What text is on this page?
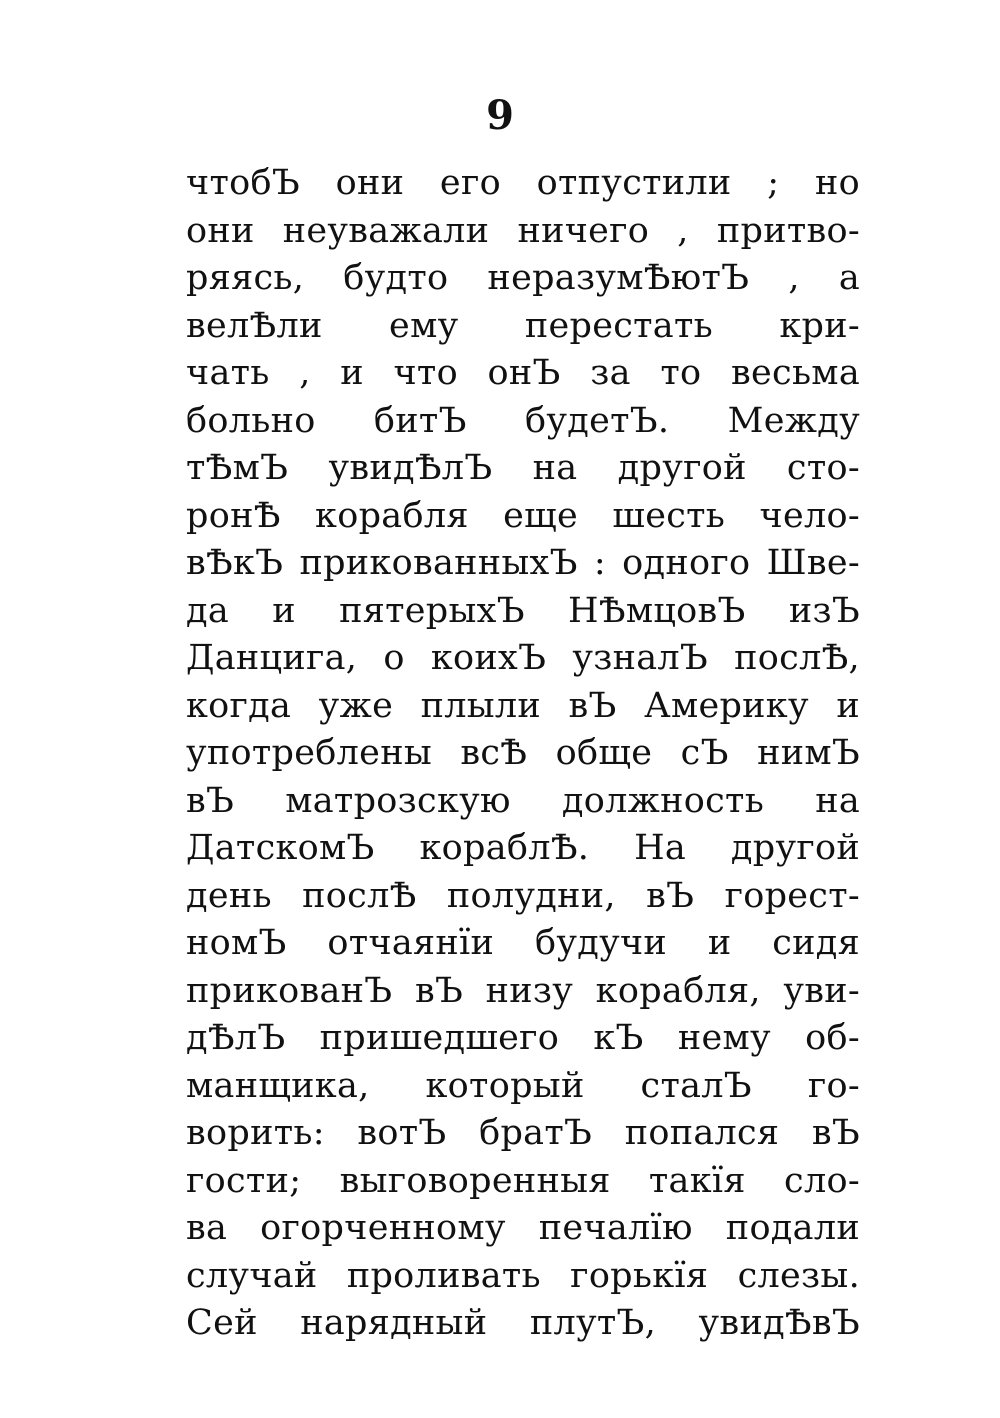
9
чтобЪ они его отпустили ; но
они неуважали ничего , притво-
ряясь, будто неразумѢютЪ , а
велѢли ему перестать кри-
чать , и что онЪ за то весьма
больно битЪ будетЪ. Между
тѢмЪ увидѢлЪ на другой сто-
ронѢ корабля еще шесть чело-
вѢкЪ прикованныхЪ : одного Шве-
да и пятерыхЪ НѢмцовЪ изЪ
Данцига, о коихЪ узналЪ послѢ,
когда уже плыли вЪ Америку и
употреблены всѢ обще сЪ нимЪ
вЪ матрозскую должность на
ДатскомЪ кораблѢ. На другой
день послѢ полудни, вЪ горест-
номЪ отчаянїи будучи и сидя
прикованЪ вЪ низу корабля, уви-
дѢлЪ пришедшего кЪ нему об-
манщика, который сталЪ го-
ворить: вотЪ братЪ попался вЪ
гости; выговоренныя такїя сло-
ва огорченному печалїю подали
случай проливать горькїя слезы.
Сей нарядный плутЪ, увидѢвЪ
